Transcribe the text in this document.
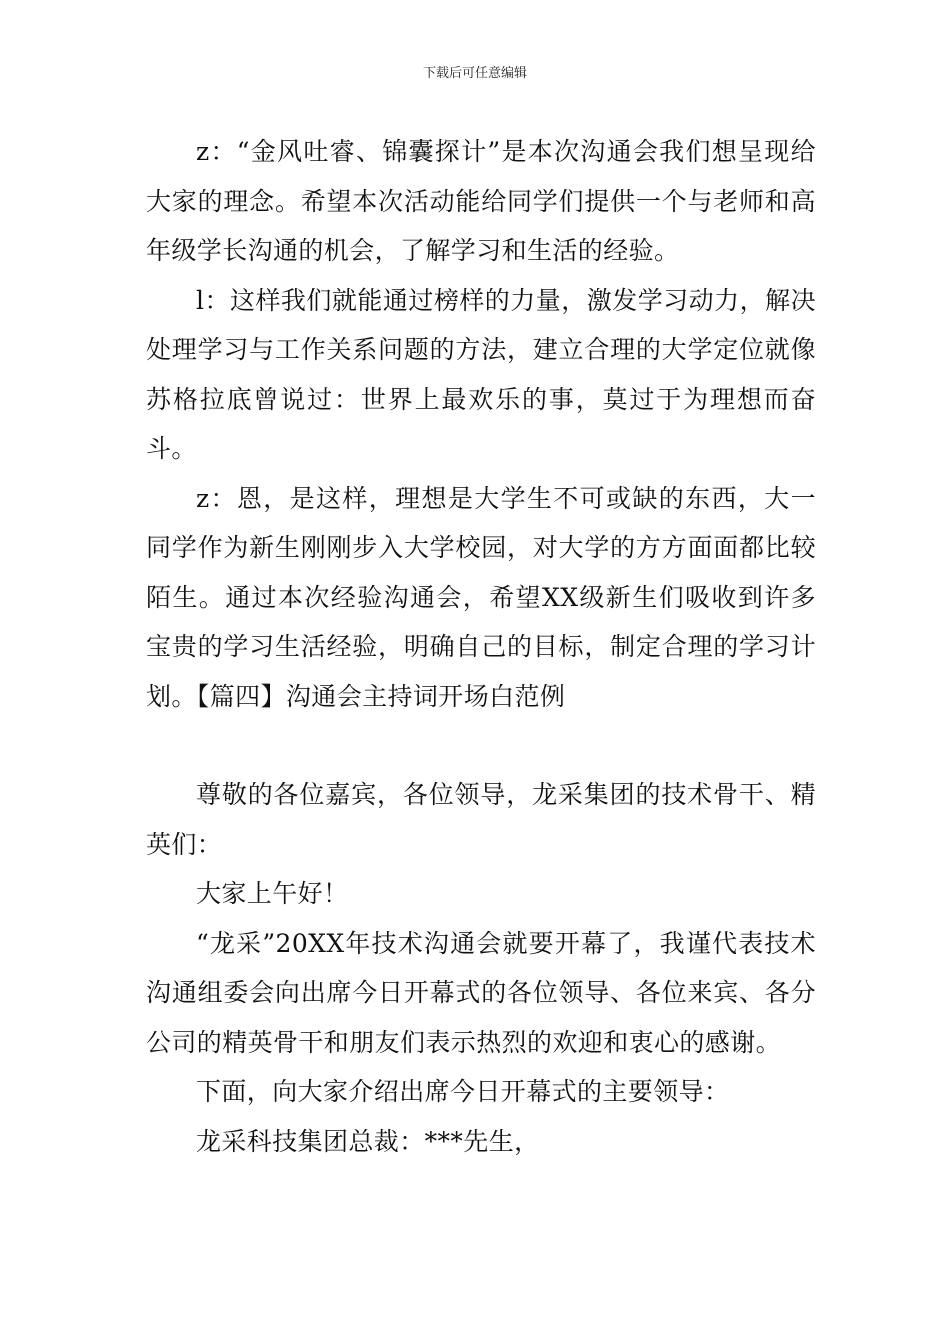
下载后可任意编辑

z：“金风吐睿、锦囊探计”是本次沟通会我们想呈现给大家的理念。希望本次活动能给同学们提供一个与老师和高年级学长沟通的机会，了解学习和生活的经验。

l：这样我们就能通过榜样的力量，激发学习动力，解决处理学习与工作关系问题的方法，建立合理的大学定位就像苏格拉底曾说过：世界上最欢乐的事，莫过于为理想而奋斗。

z：恩，是这样，理想是大学生不可或缺的东西，大一同学作为新生刚刚步入大学校园，对大学的方方面面都比较陌生。通过本次经验沟通会，希望XX级新生们吸收到许多宝贵的学习生活经验，明确自己的目标，制定合理的学习计划。【篇四】沟通会主持词开场白范例

尊敬的各位嘉宾，各位领导，龙采集团的技术骨干、精英们：

大家上午好！

“龙采”20XX年技术沟通会就要开幕了，我谨代表技术沟通组委会向出席今日开幕式的各位领导、各位来宾、各分公司的精英骨干和朋友们表示热烈的欢迎和衷心的感谢。

下面，向大家介绍出席今日开幕式的主要领导：

龙采科技集团总裁：***先生，
